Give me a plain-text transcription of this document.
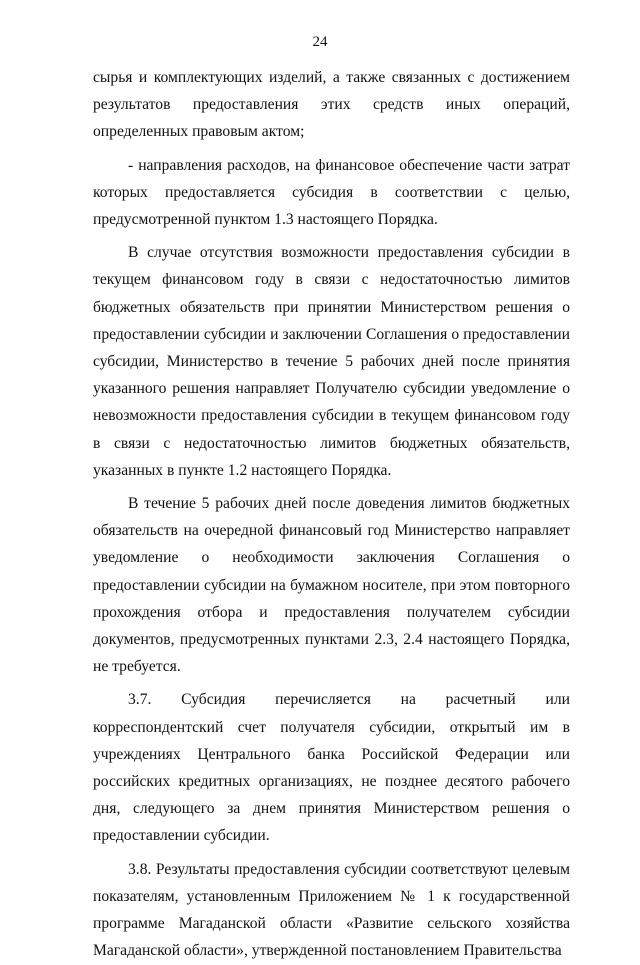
24

сырья и комплектующих изделий, а также связанных с достижением результатов предоставления этих средств иных операций, определенных правовым актом;

- направления расходов, на финансовое обеспечение части затрат которых предоставляется субсидия в соответствии с целью, предусмотренной пунктом 1.3 настоящего Порядка.

В случае отсутствия возможности предоставления субсидии в текущем финансовом году в связи с недостаточностью лимитов бюджетных обязательств при принятии Министерством решения о предоставлении субсидии и заключении Соглашения о предоставлении субсидии, Министерство в течение 5 рабочих дней после принятия указанного решения направляет Получателю субсидии уведомление о невозможности предоставления субсидии в текущем финансовом году в связи с недостаточностью лимитов бюджетных обязательств, указанных в пункте 1.2 настоящего Порядка.

В течение 5 рабочих дней после доведения лимитов бюджетных обязательств на очередной финансовый год Министерство направляет уведомление о необходимости заключения Соглашения о предоставлении субсидии на бумажном носителе, при этом повторного прохождения отбора и предоставления получателем субсидии документов, предусмотренных пунктами 2.3, 2.4 настоящего Порядка, не требуется.

3.7. Субсидия перечисляется на расчетный или корреспондентский счет получателя субсидии, открытый им в учреждениях Центрального банка Российской Федерации или российских кредитных организациях, не позднее десятого рабочего дня, следующего за днем принятия Министерством решения о предоставлении субсидии.

3.8. Результаты предоставления субсидии соответствуют целевым показателям, установленным Приложением № 1 к государственной программе Магаданской области «Развитие сельского хозяйства Магаданской области», утвержденной постановлением Правительства
